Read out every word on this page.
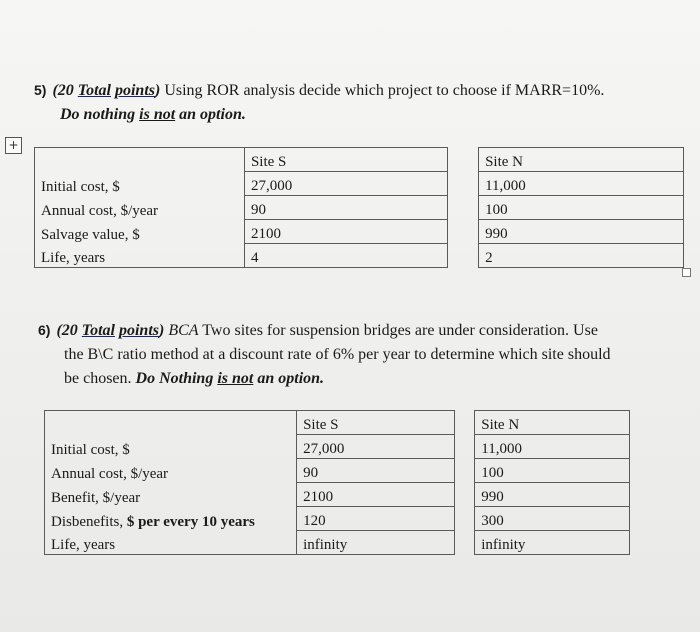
5) (20 Total points) Using ROR analysis decide which project to choose if MARR=10%.
Do nothing is not an option.
+
	Site S		Site N
Initial cost, $	27,000		11,000
Annual cost, $/year	90		100
Salvage value, $	2100		990
Life, years	4		2
6) (20 Total points) BCA Two sites for suspension bridges are under consideration. Use
the B\C ratio method at a discount rate of 6% per year to determine which site should
be chosen. Do Nothing is not an option.
	Site S		Site N
Initial cost, $	27,000		11,000
Annual cost, $/year	90		100
Benefit, $/year	2100		990
Disbenefits, $ per every 10 years	120		300
Life, years	infinity		infinity
